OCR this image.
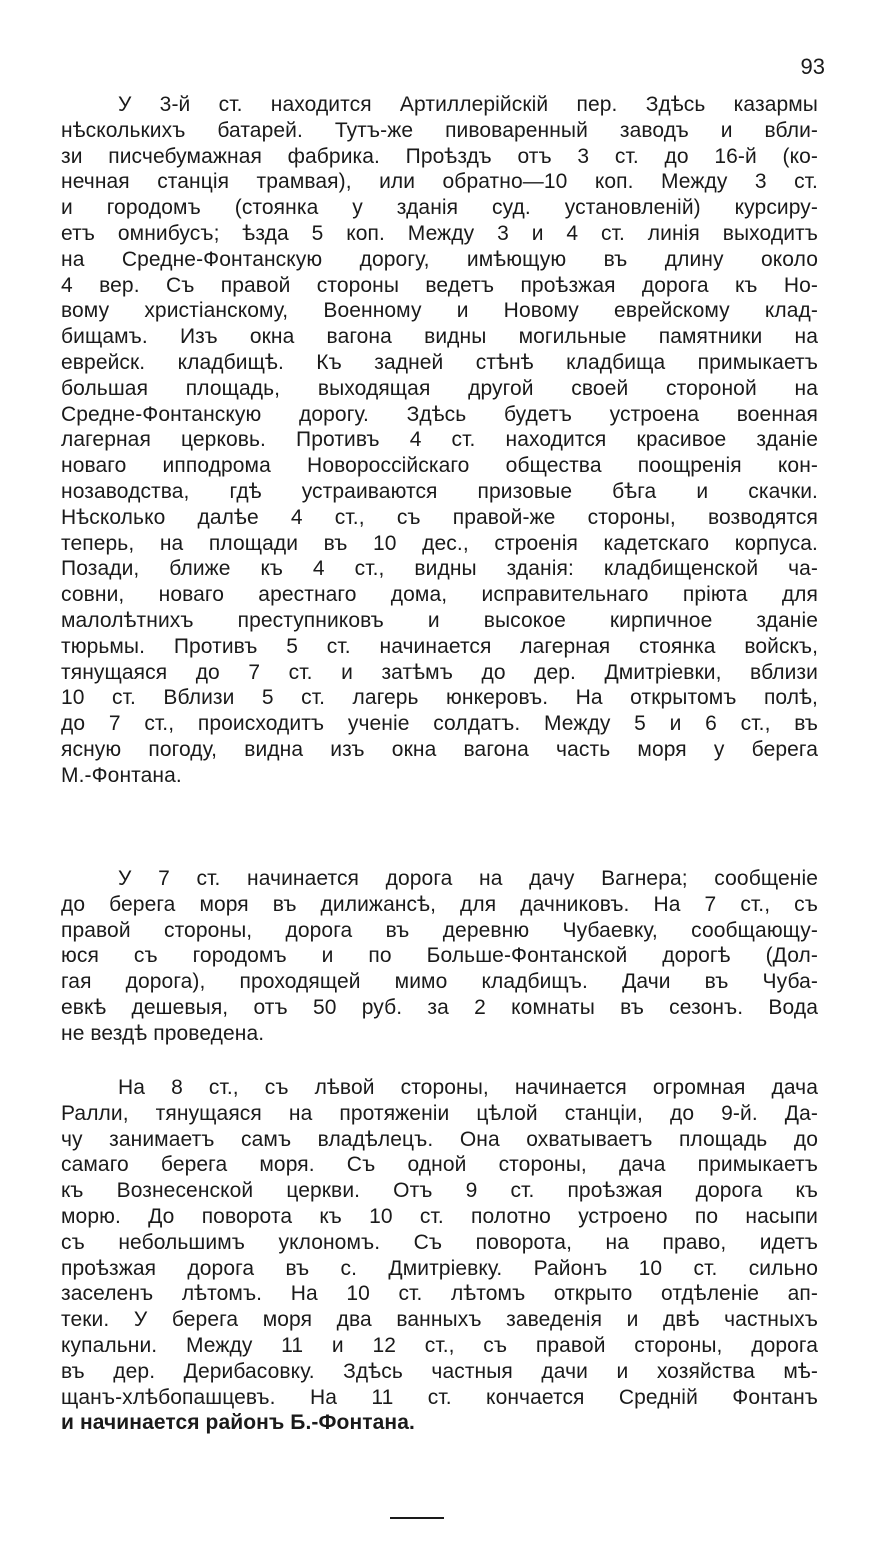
93
У 3-й ст. находится Артиллерійскій пер. Здѣсь казармы
нѣсколькихъ батарей. Тутъ-же пивоваренный заводъ и вбли-
зи писчебумажная фабрика. Проѣздъ отъ 3 ст. до 16-й (ко-
нечная станція трамвая), или обратно—10 коп. Между 3 ст.
и городомъ (стоянка у зданія суд. установленій) курсиру-
етъ омнибусъ; ѣзда 5 коп. Между 3 и 4 ст. линія выходитъ
на Средне-Фонтанскую дорогу, имѣющую въ длину около
4 вер. Съ правой стороны ведетъ проѣзжая дорога къ Но-
вому христіанскому, Военному и Новому еврейскому клад-
бищамъ. Изъ окна вагона видны могильные памятники на
еврейск. кладбищѣ. Къ задней стѣнѣ кладбища примыкаетъ
большая площадь, выходящая другой своей стороной на
Средне-Фонтанскую дорогу. Здѣсь будетъ устроена военная
лагерная церковь. Противъ 4 ст. находится красивое зданіе
новаго ипподрома Новороссійскаго общества поощренія кон-
нозаводства, гдѣ устраиваются призовые бѣга и скачки.
Нѣсколько далѣе 4 ст., съ правой-же стороны, возводятся
теперь, на площади въ 10 дес., строенія кадетскаго корпуса.
Позади, ближе къ 4 ст., видны зданія: кладбищенской ча-
совни, новаго арестнаго дома, исправительнаго пріюта для
малолѣтнихъ преступниковъ и высокое кирпичное зданіе
тюрьмы. Противъ 5 ст. начинается лагерная стоянка войскъ,
тянущаяся до 7 ст. и затѣмъ до дер. Дмитріевки, вблизи
10 ст. Вблизи 5 ст. лагерь юнкеровъ. На открытомъ полѣ,
до 7 ст., происходитъ ученіе солдатъ. Между 5 и 6 ст., въ
ясную погоду, видна изъ окна вагона часть моря у берега
М.-Фонтана.
У 7 ст. начинается дорога на дачу Вагнера; сообщеніе
до берега моря въ дилижансѣ, для дачниковъ. На 7 ст., съ
правой стороны, дорога въ деревню Чубаевку, сообщающу-
юся съ городомъ и по Больше-Фонтанской дорогѣ (Дол-
гая дорога), проходящей мимо кладбищъ. Дачи въ Чуба-
евкѣ дешевыя, отъ 50 руб. за 2 комнаты въ сезонъ. Вода
не вездѣ проведена.
На 8 ст., съ лѣвой стороны, начинается огромная дача
Ралли, тянущаяся на протяженіи цѣлой станціи, до 9-й. Да-
чу занимаетъ самъ владѣлецъ. Она охватываетъ площадь до
самаго берега моря. Съ одной стороны, дача примыкаетъ
къ Вознесенской церкви. Отъ 9 ст. проѣзжая дорога къ
морю. До поворота къ 10 ст. полотно устроено по насыпи
съ небольшимъ уклономъ. Съ поворота, на право, идетъ
проѣзжая дорога въ с. Дмитріевку. Районъ 10 ст. сильно
заселенъ лѣтомъ. На 10 ст. лѣтомъ открыто отдѣленіе ап-
теки. У берега моря два ванныхъ заведенія и двѣ частныхъ
купальни. Между 11 и 12 ст., съ правой стороны, дорога
въ дер. Дерибасовку. Здѣсь частныя дачи и хозяйства мѣ-
щанъ-хлѣбопашцевъ. На 11 ст. кончается Средній Фонтанъ
и начинается районъ Б.-Фонтана.
